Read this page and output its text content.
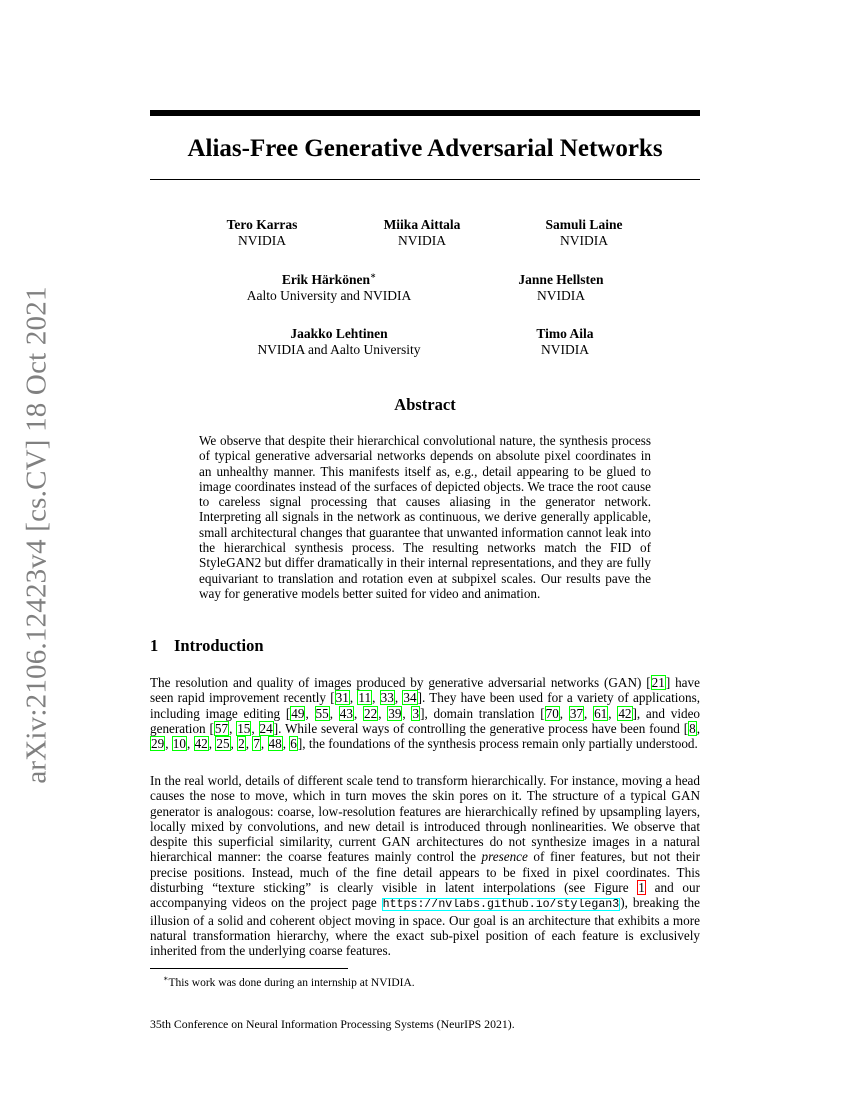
arXiv:2106.12423v4 [cs.CV] 18 Oct 2021
Alias-Free Generative Adversarial Networks
Tero Karras
NVIDIA
Miika Aittala
NVIDIA
Samuli Laine
NVIDIA
Erik Härkönen∗
Aalto University and NVIDIA
Janne Hellsten
NVIDIA
Jaakko Lehtinen
NVIDIA and Aalto University
Timo Aila
NVIDIA
Abstract
We observe that despite their hierarchical convolutional nature, the synthesis process of typical generative adversarial networks depends on absolute pixel coordinates in an unhealthy manner. This manifests itself as, e.g., detail appearing to be glued to image coordinates instead of the surfaces of depicted objects. We trace the root cause to careless signal processing that causes aliasing in the generator network. Interpreting all signals in the network as continuous, we derive generally applicable, small architectural changes that guarantee that unwanted information cannot leak into the hierarchical synthesis process. The resulting networks match the FID of StyleGAN2 but differ dramatically in their internal representations, and they are fully equivariant to translation and rotation even at subpixel scales. Our results pave the way for generative models better suited for video and animation.
1 Introduction
The resolution and quality of images produced by generative adversarial networks (GAN) [21] have seen rapid improvement recently [31, 11, 33, 34]. They have been used for a variety of applications, including image editing [49, 55, 43, 22, 39, 3], domain translation [70, 37, 61, 42], and video generation [57, 15, 24]. While several ways of controlling the generative process have been found [8, 29, 10, 42, 25, 2, 7, 48, 6], the foundations of the synthesis process remain only partially understood.
In the real world, details of different scale tend to transform hierarchically. For instance, moving a head causes the nose to move, which in turn moves the skin pores on it. The structure of a typical GAN generator is analogous: coarse, low-resolution features are hierarchically refined by upsampling layers, locally mixed by convolutions, and new detail is introduced through nonlinearities. We observe that despite this superficial similarity, current GAN architectures do not synthesize images in a natural hierarchical manner: the coarse features mainly control the presence of finer features, but not their precise positions. Instead, much of the fine detail appears to be fixed in pixel coordinates. This disturbing “texture sticking” is clearly visible in latent interpolations (see Figure 1 and our accompanying videos on the project page https://nvlabs.github.io/stylegan3), breaking the illusion of a solid and coherent object moving in space. Our goal is an architecture that exhibits a more natural transformation hierarchy, where the exact sub-pixel position of each feature is exclusively inherited from the underlying coarse features.
∗This work was done during an internship at NVIDIA.
35th Conference on Neural Information Processing Systems (NeurIPS 2021).
